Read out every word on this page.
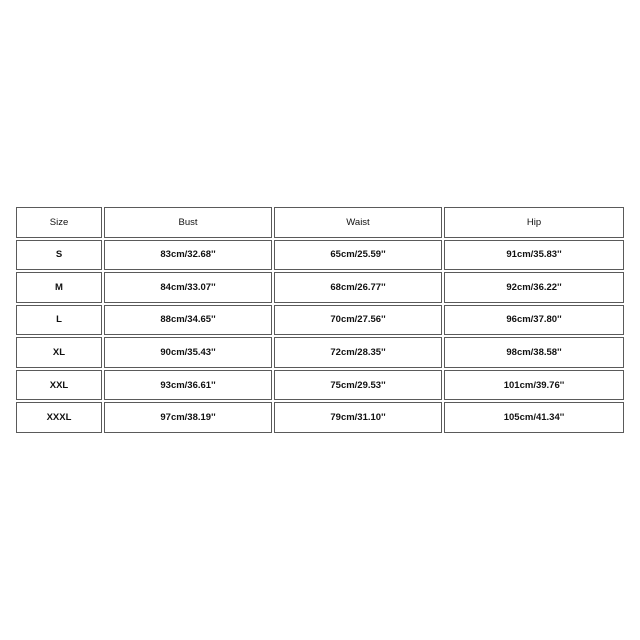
Size	Bust	Waist	Hip
S	83cm/32.68''	65cm/25.59''	91cm/35.83''
M	84cm/33.07''	68cm/26.77''	92cm/36.22''
L	88cm/34.65''	70cm/27.56''	96cm/37.80''
XL	90cm/35.43''	72cm/28.35''	98cm/38.58''
XXL	93cm/36.61''	75cm/29.53''	101cm/39.76''
XXXL	97cm/38.19''	79cm/31.10''	105cm/41.34''
